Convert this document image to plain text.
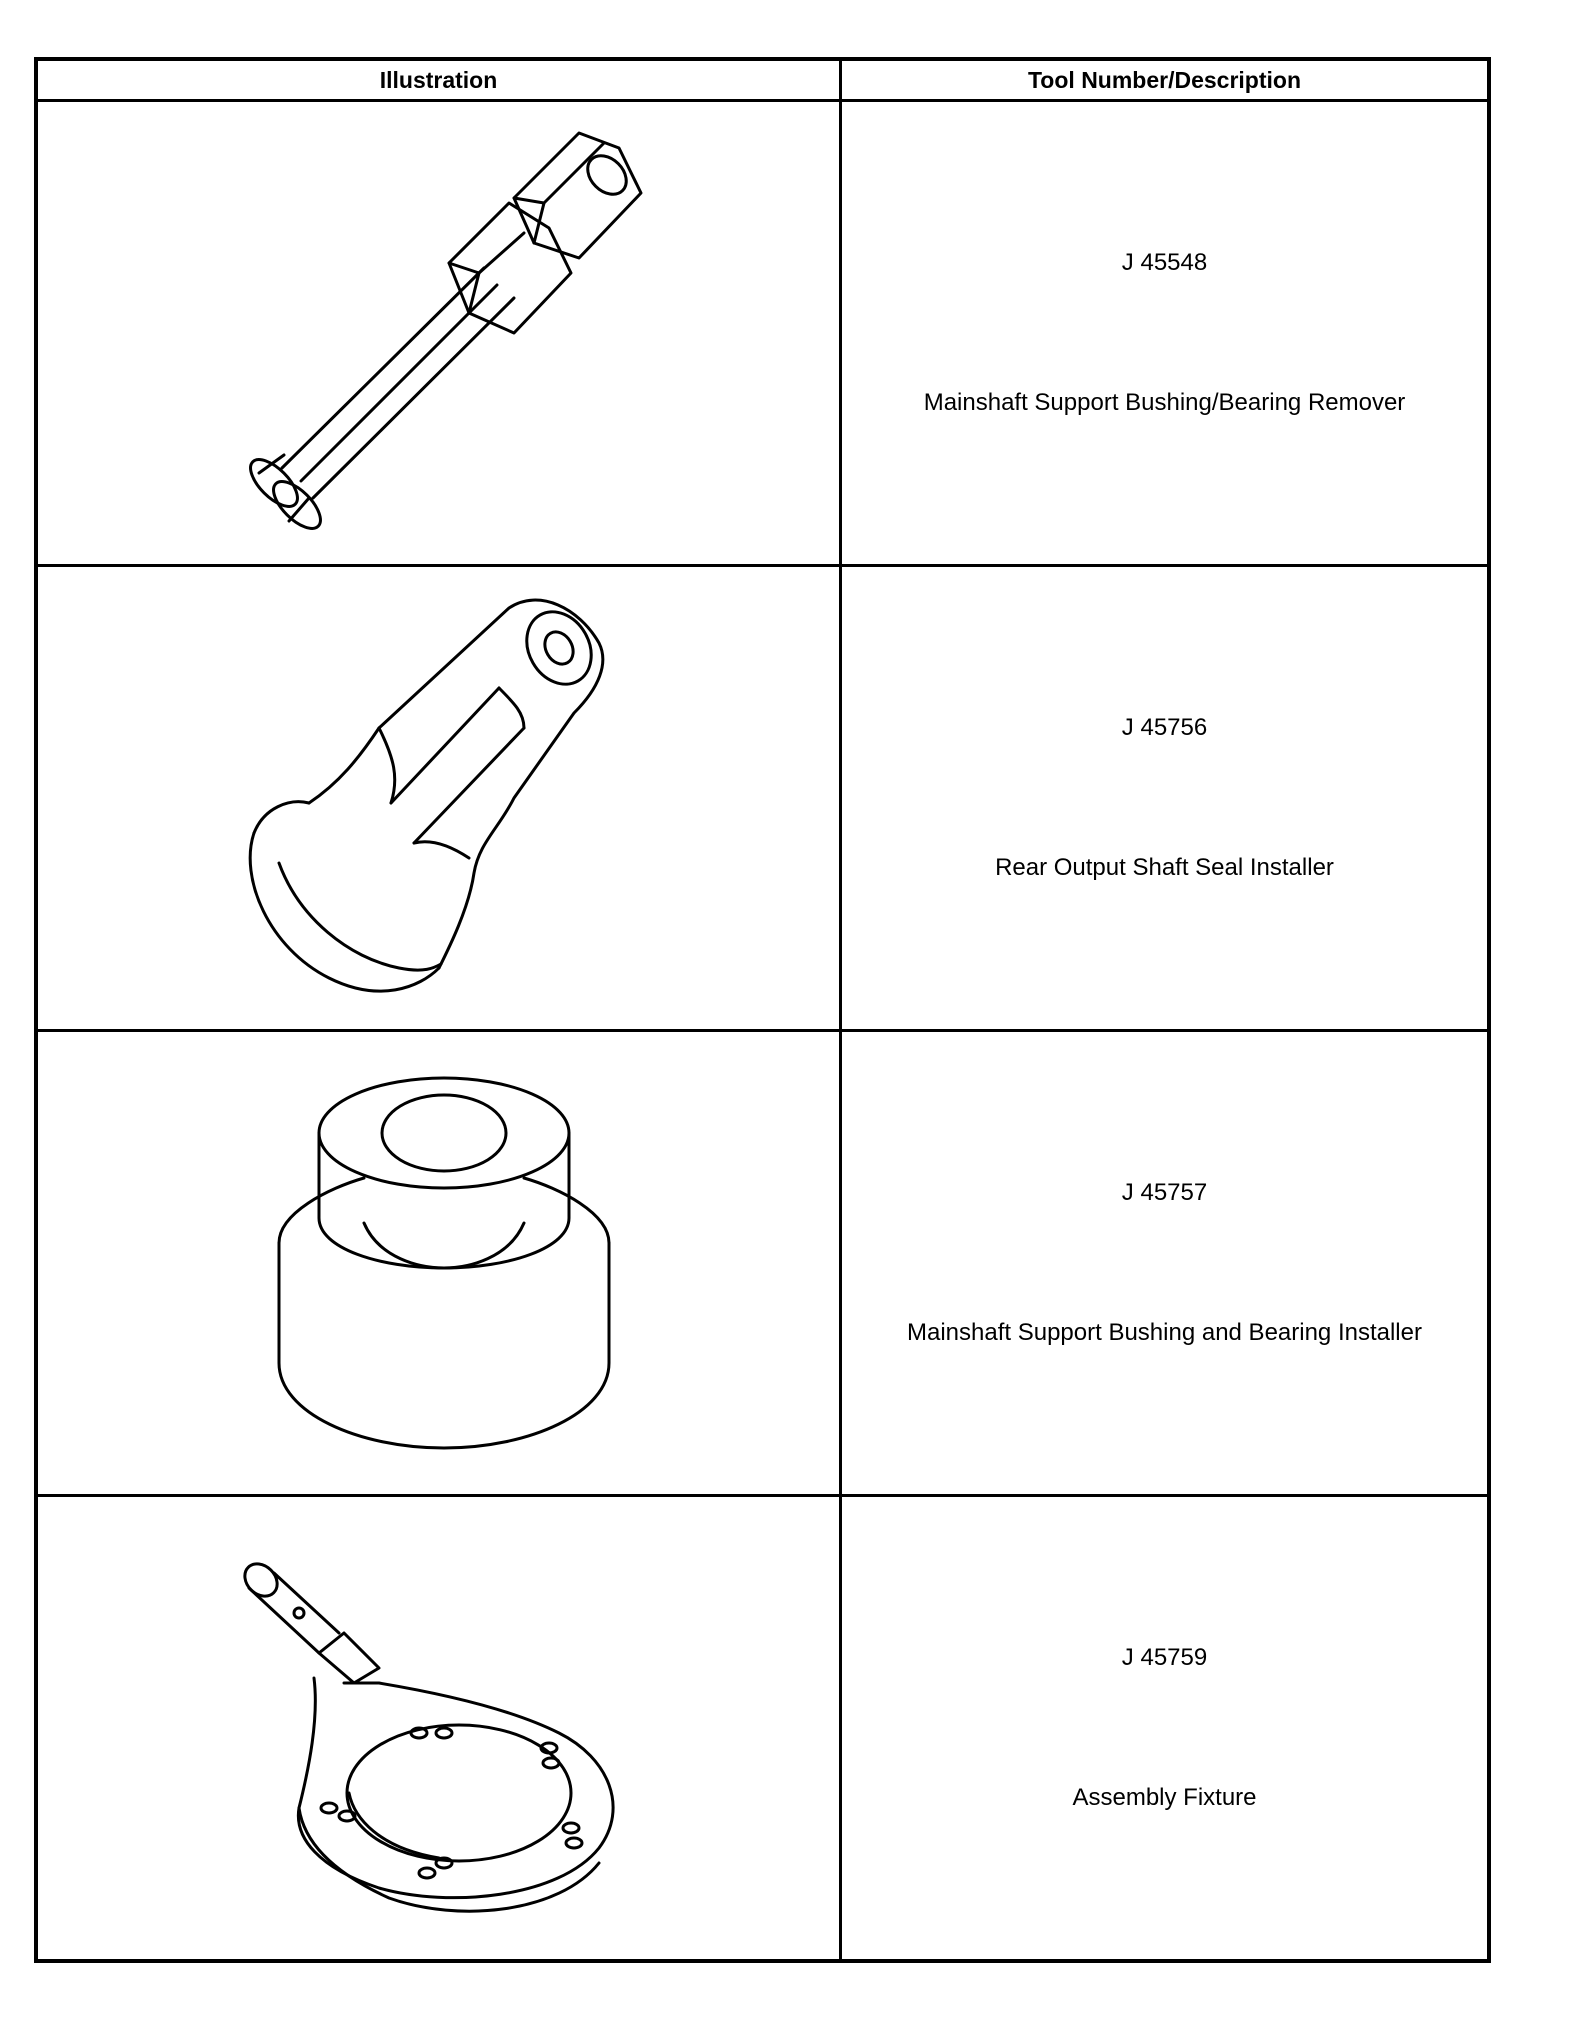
Illustration	Tool Number/Description

J 45548
Mainshaft Support Bushing/Bearing Remover

J 45756
Rear Output Shaft Seal Installer

J 45757
Mainshaft Support Bushing and Bearing Installer

J 45759
Assembly Fixture
